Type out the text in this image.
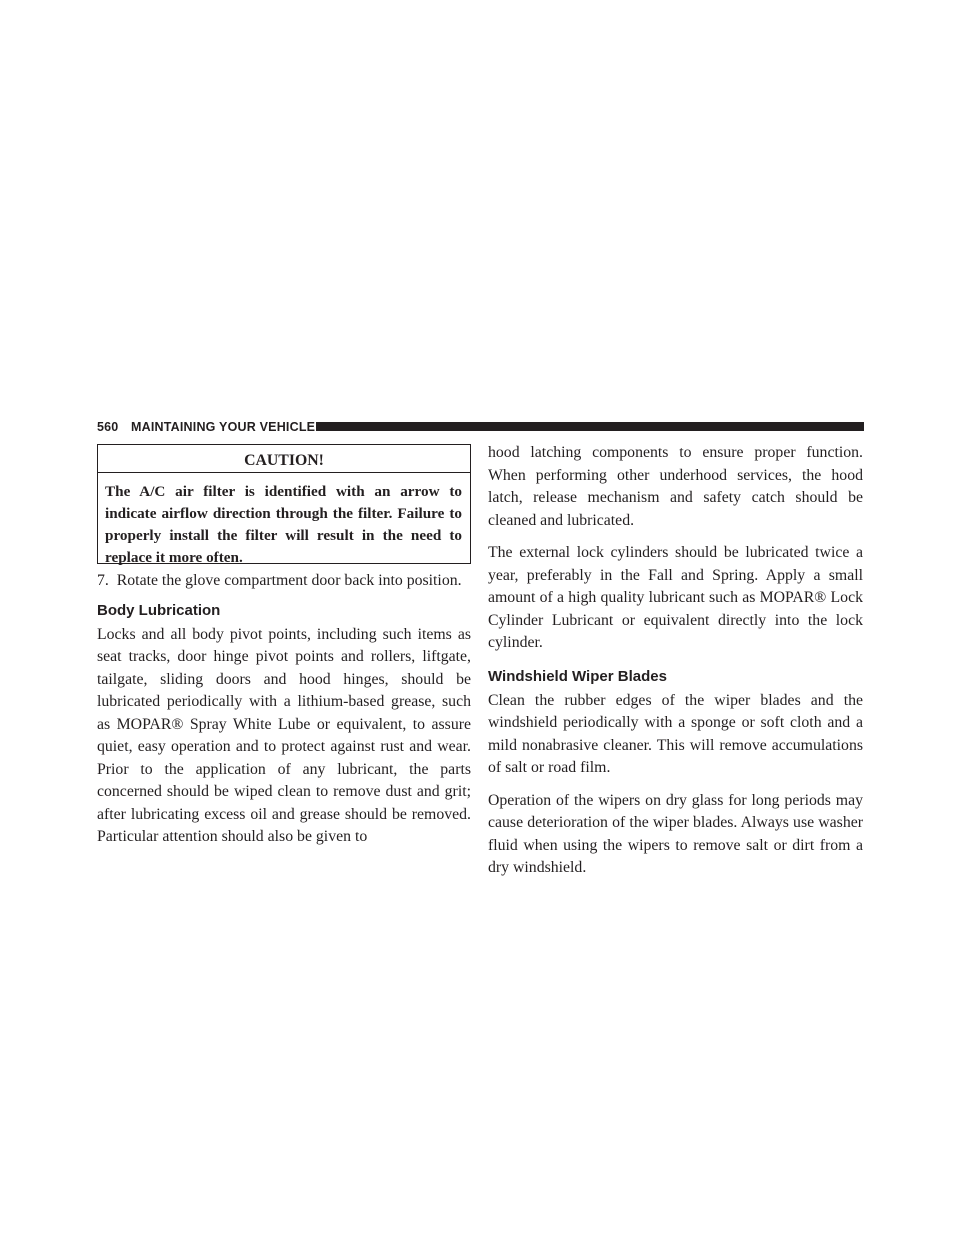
560 MAINTAINING YOUR VEHICLE
CAUTION!
The A/C air filter is identified with an arrow to indicate airflow direction through the filter. Failure to properly install the filter will result in the need to replace it more often.

7. Rotate the glove compartment door back into position.

Body Lubrication

Locks and all body pivot points, including such items as seat tracks, door hinge pivot points and rollers, liftgate, tailgate, sliding doors and hood hinges, should be lubricated periodically with a lithium-based grease, such as MOPAR® Spray White Lube or equivalent, to assure quiet, easy operation and to protect against rust and wear. Prior to the application of any lubricant, the parts concerned should be wiped clean to remove dust and grit; after lubricating excess oil and grease should be removed. Particular attention should also be given to

hood latching components to ensure proper function. When performing other underhood services, the hood latch, release mechanism and safety catch should be cleaned and lubricated.

The external lock cylinders should be lubricated twice a year, preferably in the Fall and Spring. Apply a small amount of a high quality lubricant such as MOPAR® Lock Cylinder Lubricant or equivalent directly into the lock cylinder.

Windshield Wiper Blades

Clean the rubber edges of the wiper blades and the windshield periodically with a sponge or soft cloth and a mild nonabrasive cleaner. This will remove accumulations of salt or road film.

Operation of the wipers on dry glass for long periods may cause deterioration of the wiper blades. Always use washer fluid when using the wipers to remove salt or dirt from a dry windshield.
